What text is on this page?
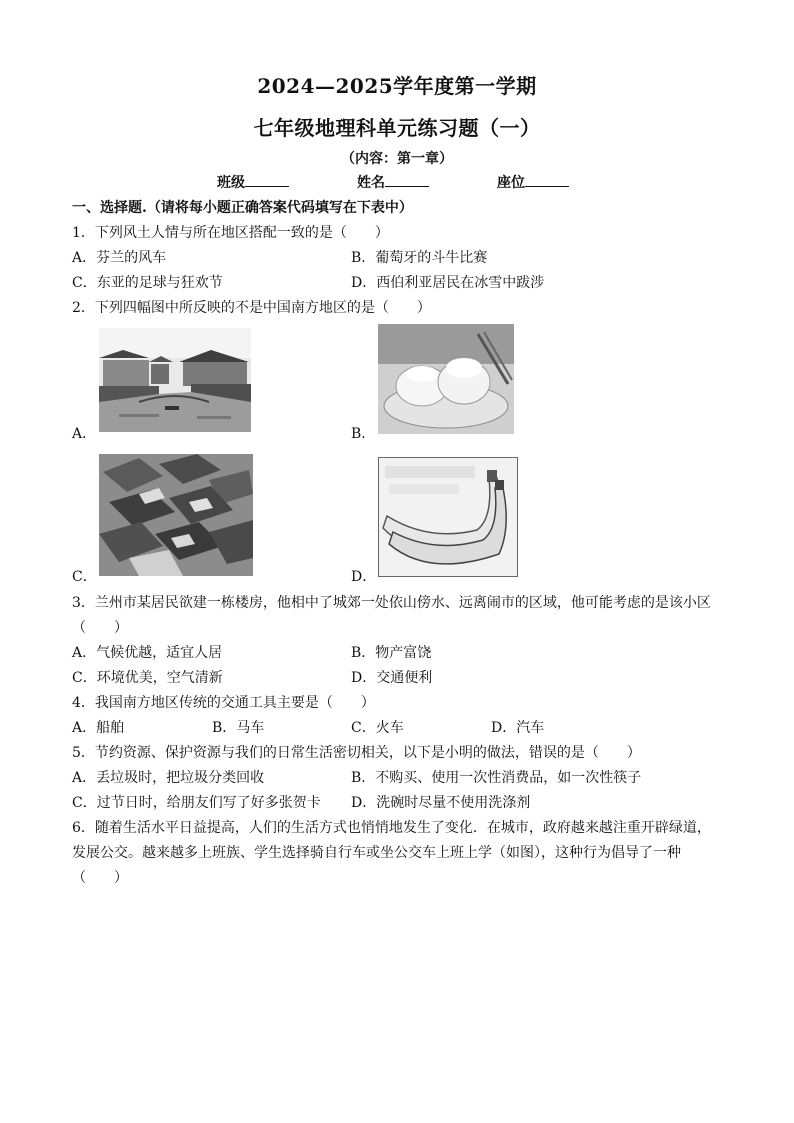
2024—2025学年度第一学期
七年级地理科单元练习题（一）
（内容：第一章）
班级	姓名	座位
一、选择题.（请将每小题正确答案代码填写在下表中）
1．下列风土人情与所在地区搭配一致的是（　　）
A．芬兰的风车	B．葡萄牙的斗牛比赛
C．东亚的足球与狂欢节	D．西伯利亚居民在冰雪中跋涉
2．下列四幅图中所反映的不是中国南方地区的是（　　）
A．	B．
C．	D．
3．兰州市某居民欲建一栋楼房，他相中了城郊一处依山傍水、远离闹市的区域，他可能考虑的是该小区
（　　）
A．气候优越，适宜人居	B．物产富饶
C．环境优美，空气清新	D．交通便利
4．我国南方地区传统的交通工具主要是（　　）
A．船舶	B．马车	C．火车	D．汽车
5．节约资源、保护资源与我们的日常生活密切相关，以下是小明的做法，错误的是（　　）
A．丢垃圾时，把垃圾分类回收	B．不购买、使用一次性消费品，如一次性筷子
C．过节日时，给朋友们写了好多张贺卡 D．洗碗时尽量不使用洗涤剂
6．随着生活水平日益提高，人们的生活方式也悄悄地发生了变化．在城市，政府越来越注重开辟绿道，
发展公交。越来越多上班族、学生选择骑自行车或坐公交车上班上学（如图），这种行为倡导了一种
（　　）
